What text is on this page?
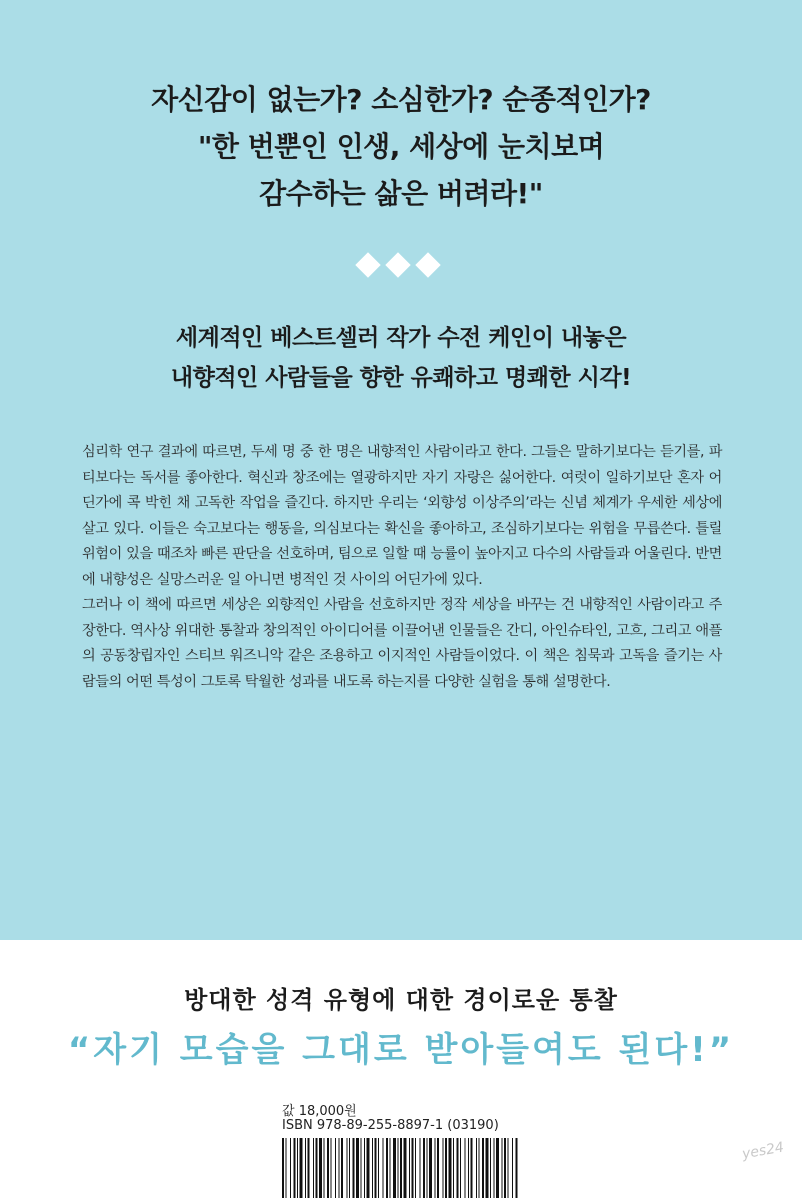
자신감이 없는가? 소심한가? 순종적인가?
"한 번뿐인 인생, 세상에 눈치보며
감수하는 삶은 버려라!"
세계적인 베스트셀러 작가 수전 케인이 내놓은
내향적인 사람들을 향한 유쾌하고 명쾌한 시각!

심리학 연구 결과에 따르면, 두세 명 중 한 명은 내향적인 사람이라고 한다. 그들은 말하기보다는 듣기를, 파티보다는 독서를 좋아한다. 혁신과 창조에는 열광하지만 자기 자랑은 싫어한다. 여럿이 일하기보단 혼자 어딘가에 콕 박힌 채 고독한 작업을 즐긴다. 하지만 우리는 ‘외향성 이상주의’라는 신념 체계가 우세한 세상에 살고 있다. 이들은 숙고보다는 행동을, 의심보다는 확신을 좋아하고, 조심하기보다는 위험을 무릅쓴다. 틀릴 위험이 있을 때조차 빠른 판단을 선호하며, 팀으로 일할 때 능률이 높아지고 다수의 사람들과 어울린다. 반면에 내향성은 실망스러운 일 아니면 병적인 것 사이의 어딘가에 있다.

그러나 이 책에 따르면 세상은 외향적인 사람을 선호하지만 정작 세상을 바꾸는 건 내향적인 사람이라고 주장한다. 역사상 위대한 통찰과 창의적인 아이디어를 이끌어낸 인물들은 간디, 아인슈타인, 고흐, 그리고 애플의 공동창립자인 스티브 워즈니악 같은 조용하고 이지적인 사람들이었다. 이 책은 침묵과 고독을 즐기는 사람들의 어떤 특성이 그토록 탁월한 성과를 내도록 하는지를 다양한 실험을 통해 설명한다.

방대한 성격 유형에 대한 경이로운 통찰
“자기 모습을 그대로 받아들여도 된다!”
값 18,000원
ISBN 978-89-255-8897-1 (03190)
yes24
